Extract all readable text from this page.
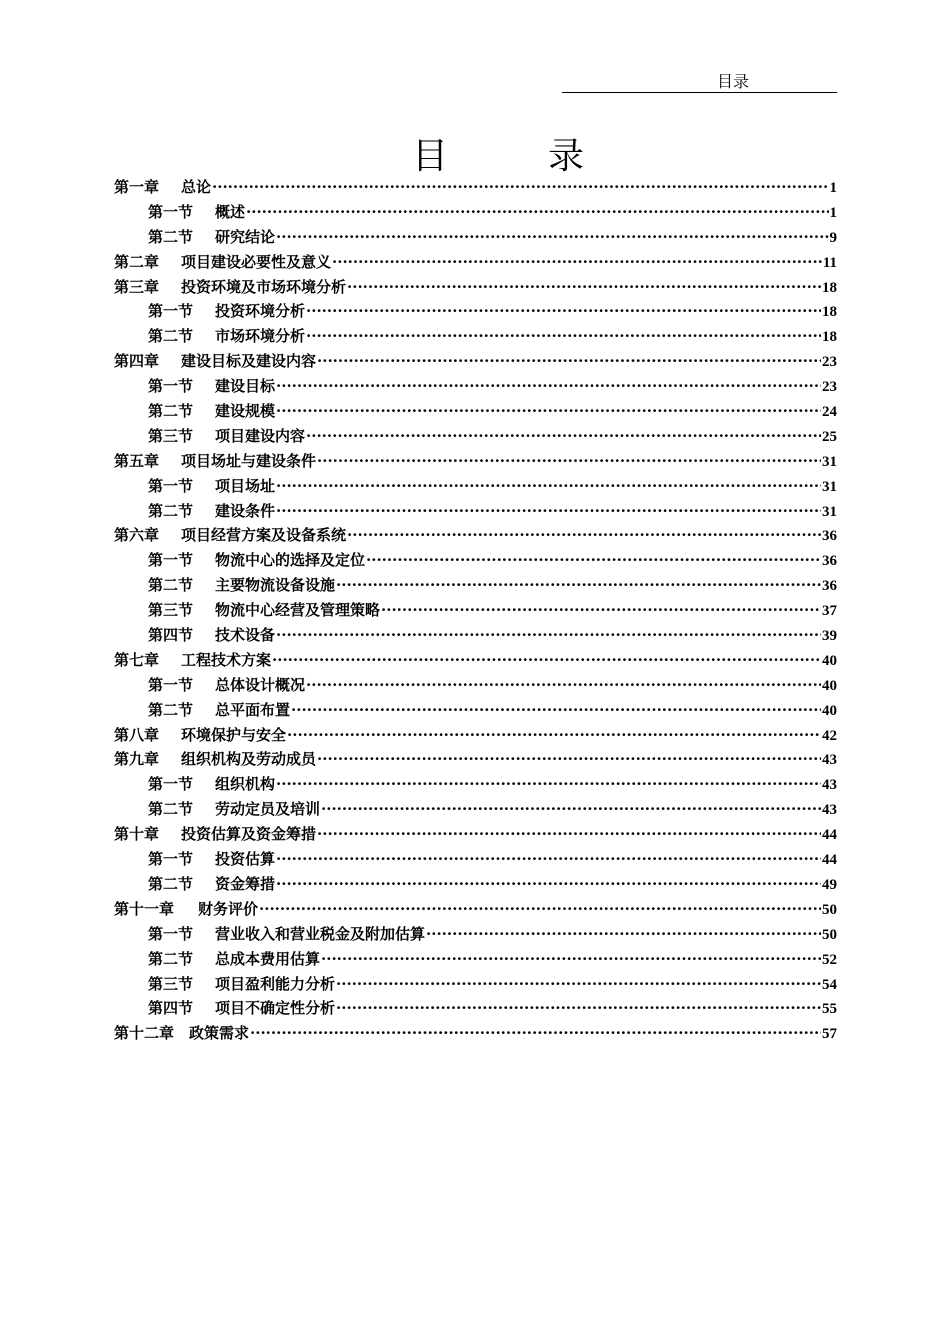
目录
目　录
第一章 总论 ·····	1
第一节 概述 ·····	1
第二节 研究结论 ·····	9
第二章 项目建设必要性及意义 ·····	11
第三章 投资环境及市场环境分析 ·····	18
第一节 投资环境分析 ·····	18
第二节 市场环境分析 ·····	18
第四章 建设目标及建设内容 ·····	23
第一节 建设目标 ·····	23
第二节 建设规模 ·····	24
第三节 项目建设内容 ·····	25
第五章 项目场址与建设条件 ·····	31
第一节 项目场址 ·····	31
第二节 建设条件 ·····	31
第六章 项目经营方案及设备系统 ·····	36
第一节 物流中心的选择及定位 ·····	36
第二节 主要物流设备设施 ·····	36
第三节 物流中心经营及管理策略 ·····	37
第四节 技术设备 ·····	39
第七章 工程技术方案 ·····	40
第一节 总体设计概况 ·····	40
第二节 总平面布置 ·····	40
第八章 环境保护与安全 ·····	42
第九章 组织机构及劳动成员 ·····	43
第一节 组织机构 ·····	43
第二节 劳动定员及培训 ·····	43
第十章 投资估算及资金筹措 ·····	44
第一节 投资估算 ·····	44
第二节 资金筹措 ·····	49
第十一章 财务评价 ·····	50
第一节 营业收入和营业税金及附加估算 ·····	50
第二节 总成本费用估算 ·····	52
第三节 项目盈利能力分析 ·····	54
第四节 项目不确定性分析 ·····	55
第十二章 政策需求 ·····	57
